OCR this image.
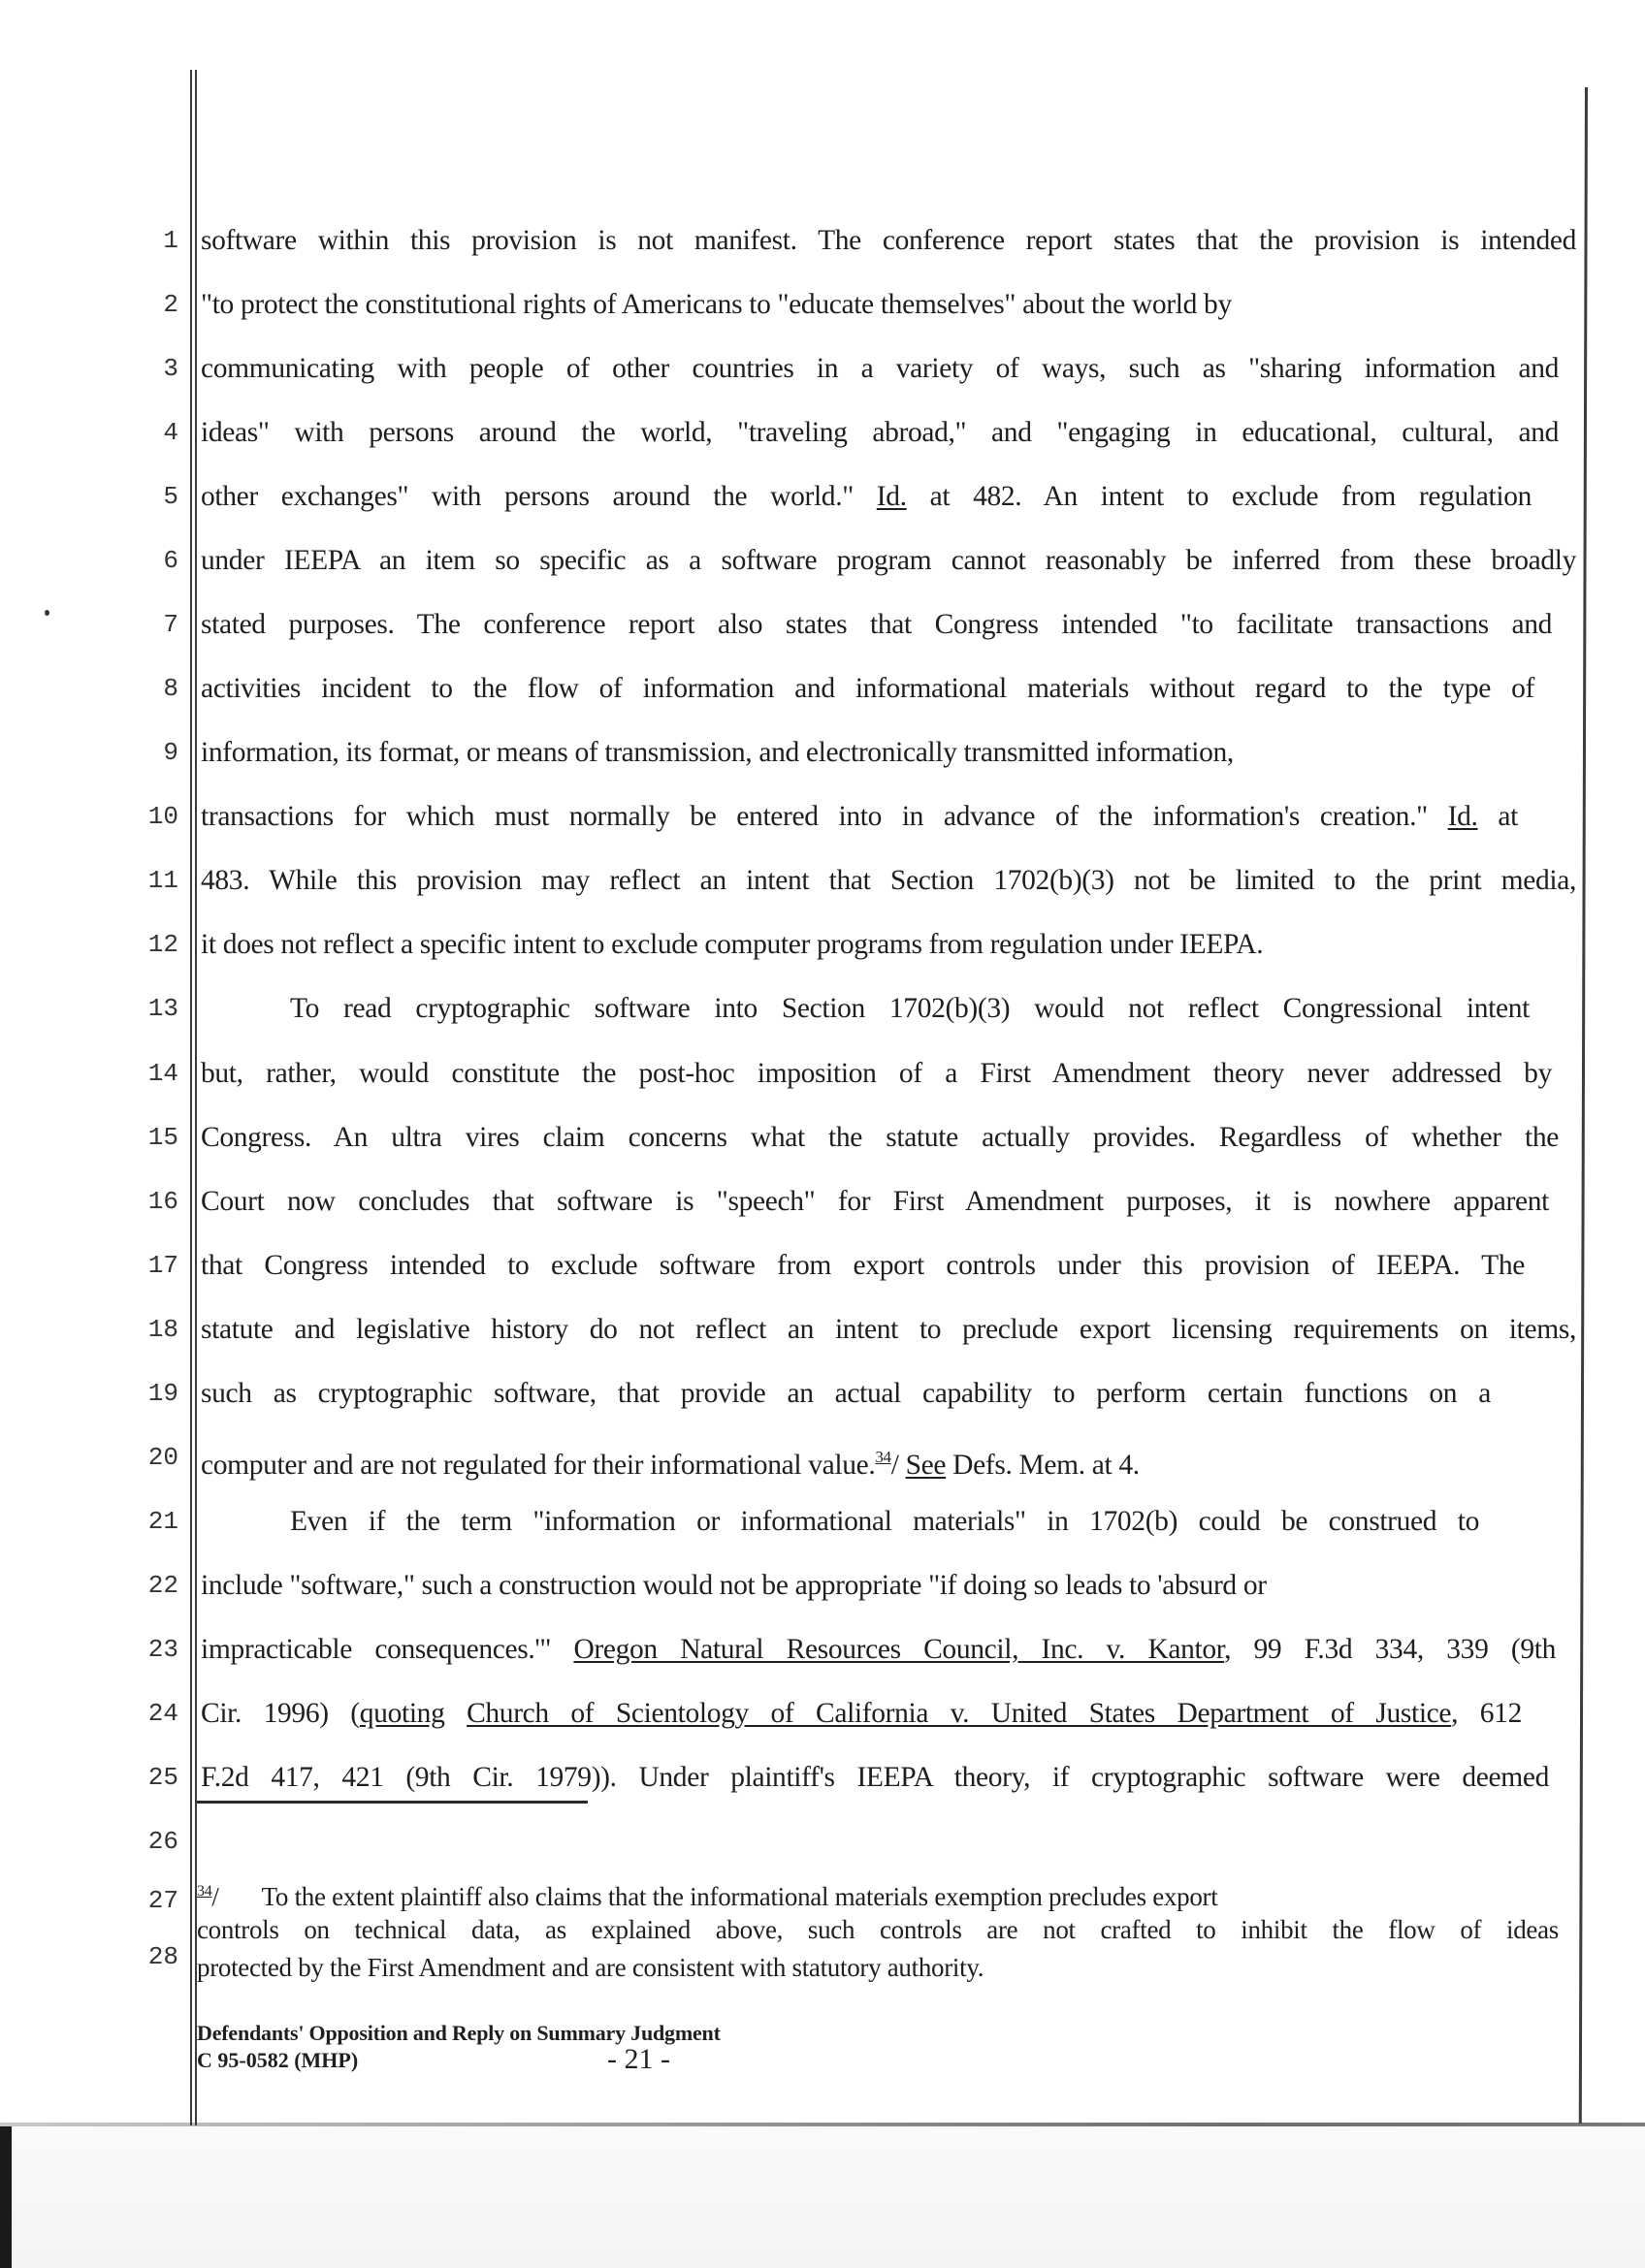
1
2
3
4
5
6
7
8
9
10
11
12
13
14
15
16
17
18
19
20
21
22
23
24
25
26
27
28
software within this provision is not manifest. The conference report states that the provision is intended
"to protect the constitutional rights of Americans to "educate themselves" about the world by
communicating with people of other countries in a variety of ways, such as "sharing information and
ideas" with persons around the world, "traveling abroad," and "engaging in educational, cultural, and
other exchanges" with persons around the world." Id. at 482. An intent to exclude from regulation
under IEEPA an item so specific as a software program cannot reasonably be inferred from these broadly
stated purposes. The conference report also states that Congress intended "to facilitate transactions and
activities incident to the flow of information and informational materials without regard to the type of
information, its format, or means of transmission, and electronically transmitted information,
transactions for which must normally be entered into in advance of the information's creation." Id. at
483. While this provision may reflect an intent that Section 1702(b)(3) not be limited to the print media,
it does not reflect a specific intent to exclude computer programs from regulation under IEEPA.
To read cryptographic software into Section 1702(b)(3) would not reflect Congressional intent
but, rather, would constitute the post-hoc imposition of a First Amendment theory never addressed by
Congress. An ultra vires claim concerns what the statute actually provides. Regardless of whether the
Court now concludes that software is "speech" for First Amendment purposes, it is nowhere apparent
that Congress intended to exclude software from export controls under this provision of IEEPA. The
statute and legislative history do not reflect an intent to preclude export licensing requirements on items,
such as cryptographic software, that provide an actual capability to perform certain functions on a
computer and are not regulated for their informational value.$^{34}$/ See Defs. Mem. at 4.
Even if the term "information or informational materials" in 1702(b) could be construed to
include "software," such a construction would not be appropriate "if doing so leads to 'absurd or
impracticable consequences.'" Oregon Natural Resources Council, Inc. v. Kantor, 99 F.3d 334, 339 (9th
Cir. 1996) (quoting Church of Scientology of California v. United States Department of Justice, 612
F.2d 417, 421 (9th Cir. 1979)). Under plaintiff's IEEPA theory, if cryptographic software were deemed
$^{34}$/ To the extent plaintiff also claims that the informational materials exemption precludes export
controls on technical data, as explained above, such controls are not crafted to inhibit the flow of ideas
protected by the First Amendment and are consistent with statutory authority.
Defendants' Opposition and Reply on Summary Judgment
C 95-0582 (MHP)	- 21 -
